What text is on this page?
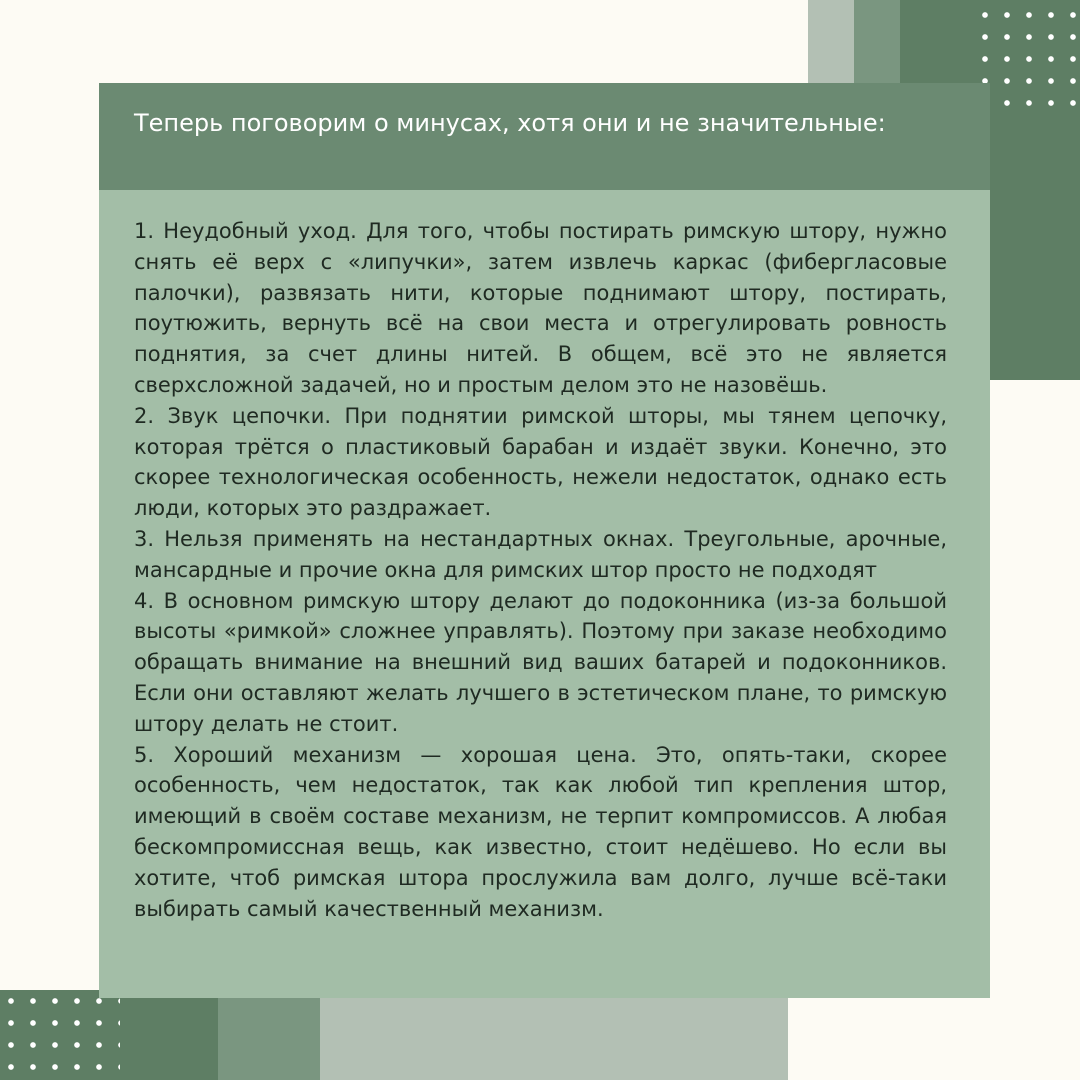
Теперь поговорим о минусах, хотя они и не значительные:

1. Неудобный уход. Для того, чтобы постирать римскую штору, нужно снять её верх с «липучки», затем извлечь каркас (фибергласовые палочки), развязать нити, которые поднимают штору, постирать, поутюжить, вернуть всё на свои места и отрегулировать ровность поднятия, за счет длины нитей. В общем, всё это не является сверхсложной задачей, но и простым делом это не назовёшь.

2. Звук цепочки. При поднятии римской шторы, мы тянем цепочку, которая трётся о пластиковый барабан и издаёт звуки. Конечно, это скорее технологическая особенность, нежели недостаток, однако есть люди, которых это раздражает.

3. Нельзя применять на нестандартных окнах. Треугольные, арочные, мансардные и прочие окна для римских штор просто не подходят

4. В основном римскую штору делают до подоконника (из-за большой высоты «римкой» сложнее управлять). Поэтому при заказе необходимо обращать внимание на внешний вид ваших батарей и подоконников. Если они оставляют желать лучшего в эстетическом плане, то римскую штору делать не стоит.

5. Хороший механизм — хорошая цена. Это, опять-таки, скорее особенность, чем недостаток, так как любой тип крепления штор, имеющий в своём составе механизм, не терпит компромиссов. А любая бескомпромиссная вещь, как известно, стоит недёшево. Но если вы хотите, чтоб римская штора прослужила вам долго, лучше всё-таки выбирать самый качественный механизм.
